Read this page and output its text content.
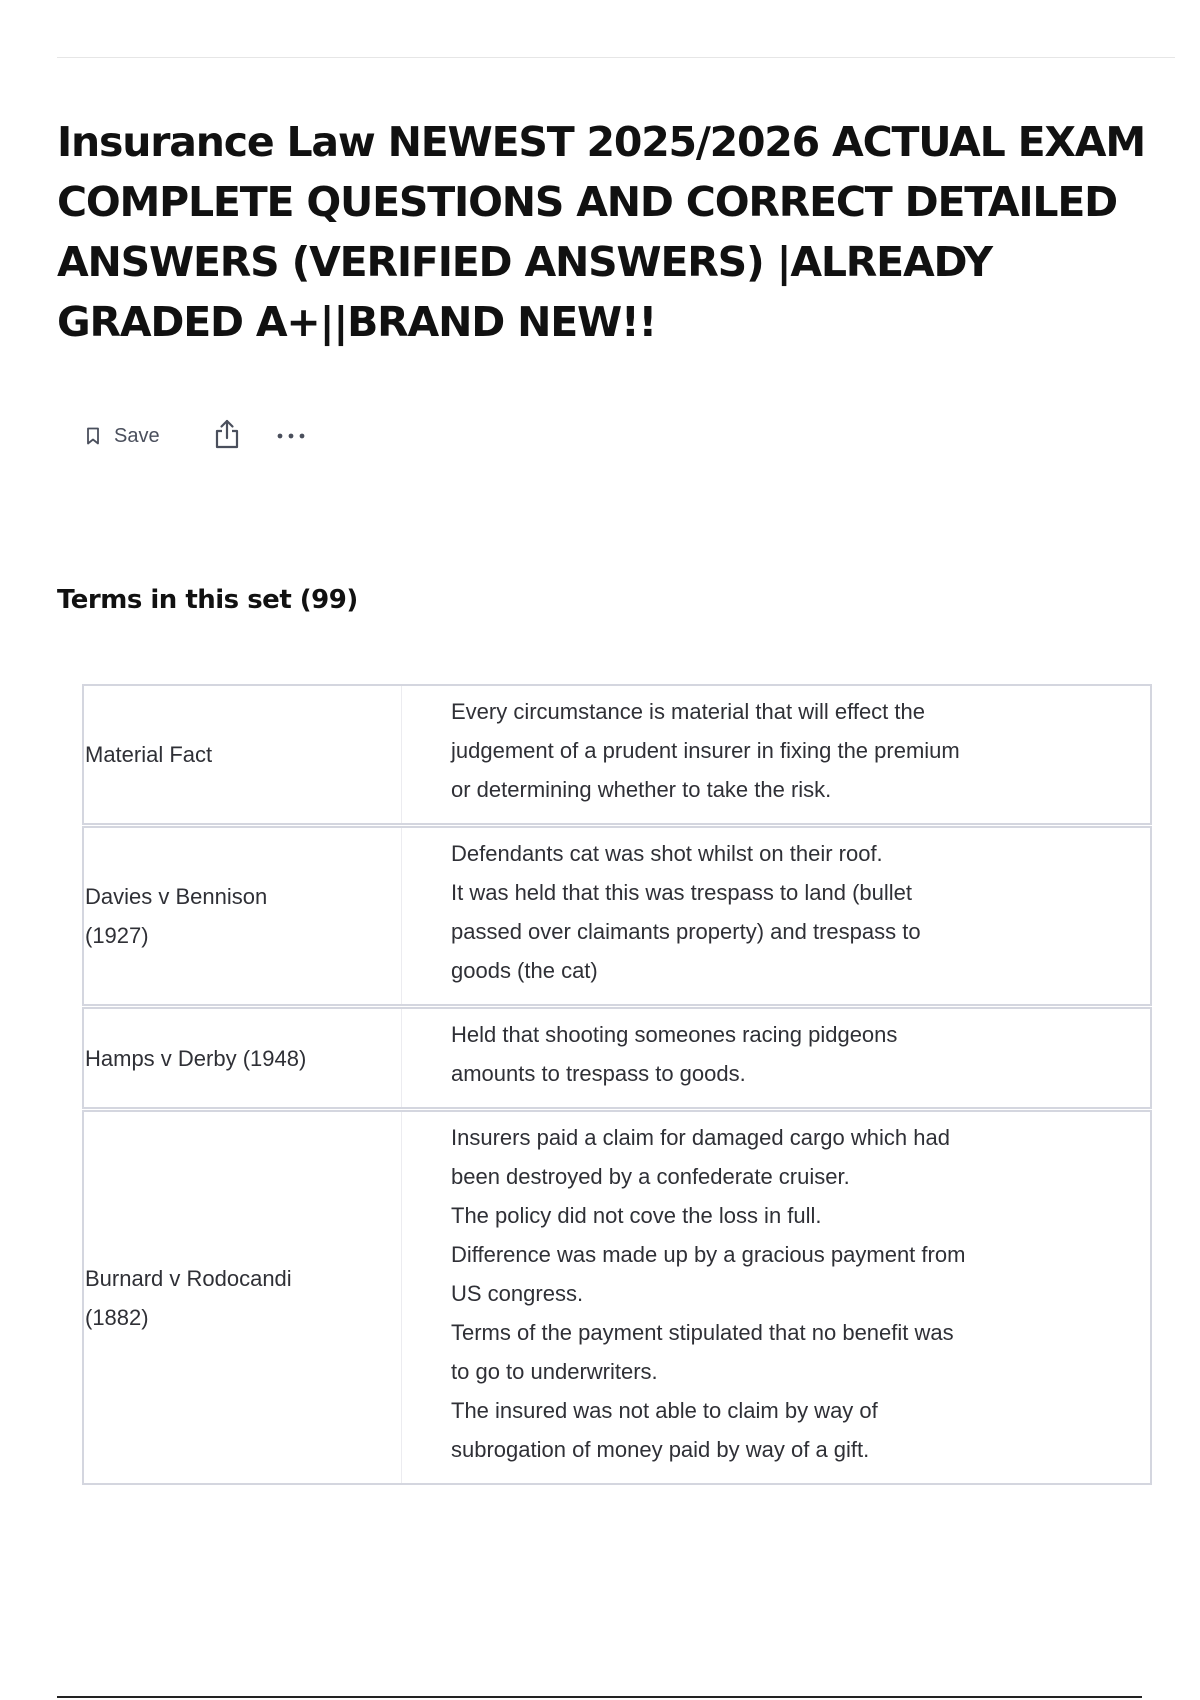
Insurance Law NEWEST 2025/2026 ACTUAL EXAM COMPLETE QUESTIONS AND CORRECT DETAILED ANSWERS (VERIFIED ANSWERS) |ALREADY GRADED A+||BRAND NEW!!
Save
Terms in this set (99)
Material Fact
Every circumstance is material that will effect the
judgement of a prudent insurer in fixing the premium
or determining whether to take the risk.
Davies v Bennison (1927)
Defendants cat was shot whilst on their roof.
It was held that this was trespass to land (bullet
passed over claimants property) and trespass to
goods (the cat)
Hamps v Derby (1948)
Held that shooting someones racing pidgeons
amounts to trespass to goods.
Burnard v Rodocandi (1882)
Insurers paid a claim for damaged cargo which had
been destroyed by a confederate cruiser.
The policy did not cove the loss in full.
Difference was made up by a gracious payment from
US congress.
Terms of the payment stipulated that no benefit was
to go to underwriters.
The insured was not able to claim by way of
subrogation of money paid by way of a gift.
